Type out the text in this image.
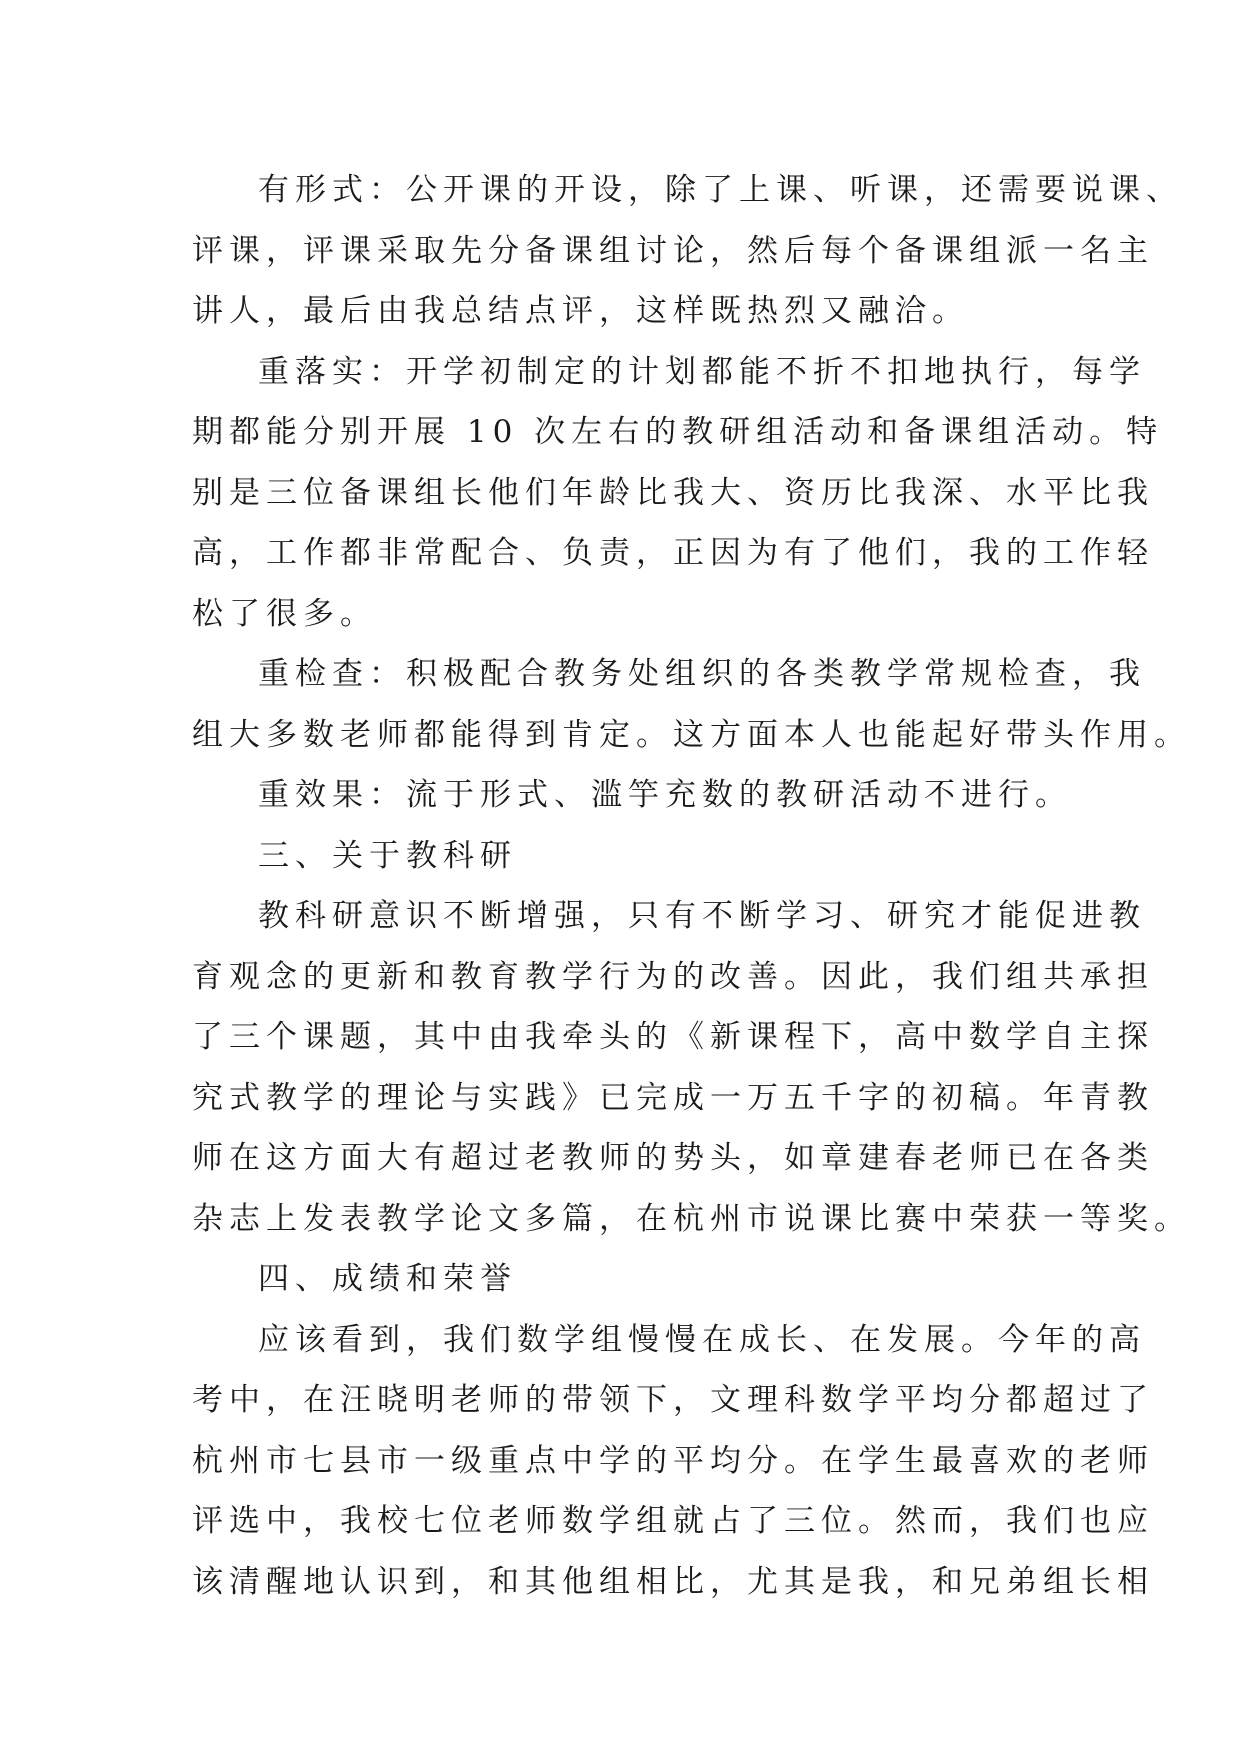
有形式：公开课的开设，除了上课、听课，还需要说课、

评课，评课采取先分备课组讨论，然后每个备课组派一名主

讲人，最后由我总结点评，这样既热烈又融洽。

重落实：开学初制定的计划都能不折不扣地执行，每学

期都能分别开展 10 次左右的教研组活动和备课组活动。特

别是三位备课组长他们年龄比我大、资历比我深、水平比我

高，工作都非常配合、负责，正因为有了他们，我的工作轻

松了很多。

重检查：积极配合教务处组织的各类教学常规检查，我

组大多数老师都能得到肯定。这方面本人也能起好带头作用。

重效果：流于形式、滥竽充数的教研活动不进行。

三、关于教科研

教科研意识不断增强，只有不断学习、研究才能促进教

育观念的更新和教育教学行为的改善。因此，我们组共承担

了三个课题，其中由我牵头的《新课程下，高中数学自主探

究式教学的理论与实践》已完成一万五千字的初稿。年青教

师在这方面大有超过老教师的势头，如章建春老师已在各类

杂志上发表教学论文多篇，在杭州市说课比赛中荣获一等奖。

四、成绩和荣誉

应该看到，我们数学组慢慢在成长、在发展。今年的高

考中，在汪晓明老师的带领下，文理科数学平均分都超过了

杭州市七县市一级重点中学的平均分。在学生最喜欢的老师

评选中，我校七位老师数学组就占了三位。然而，我们也应

该清醒地认识到，和其他组相比，尤其是我，和兄弟组长相
